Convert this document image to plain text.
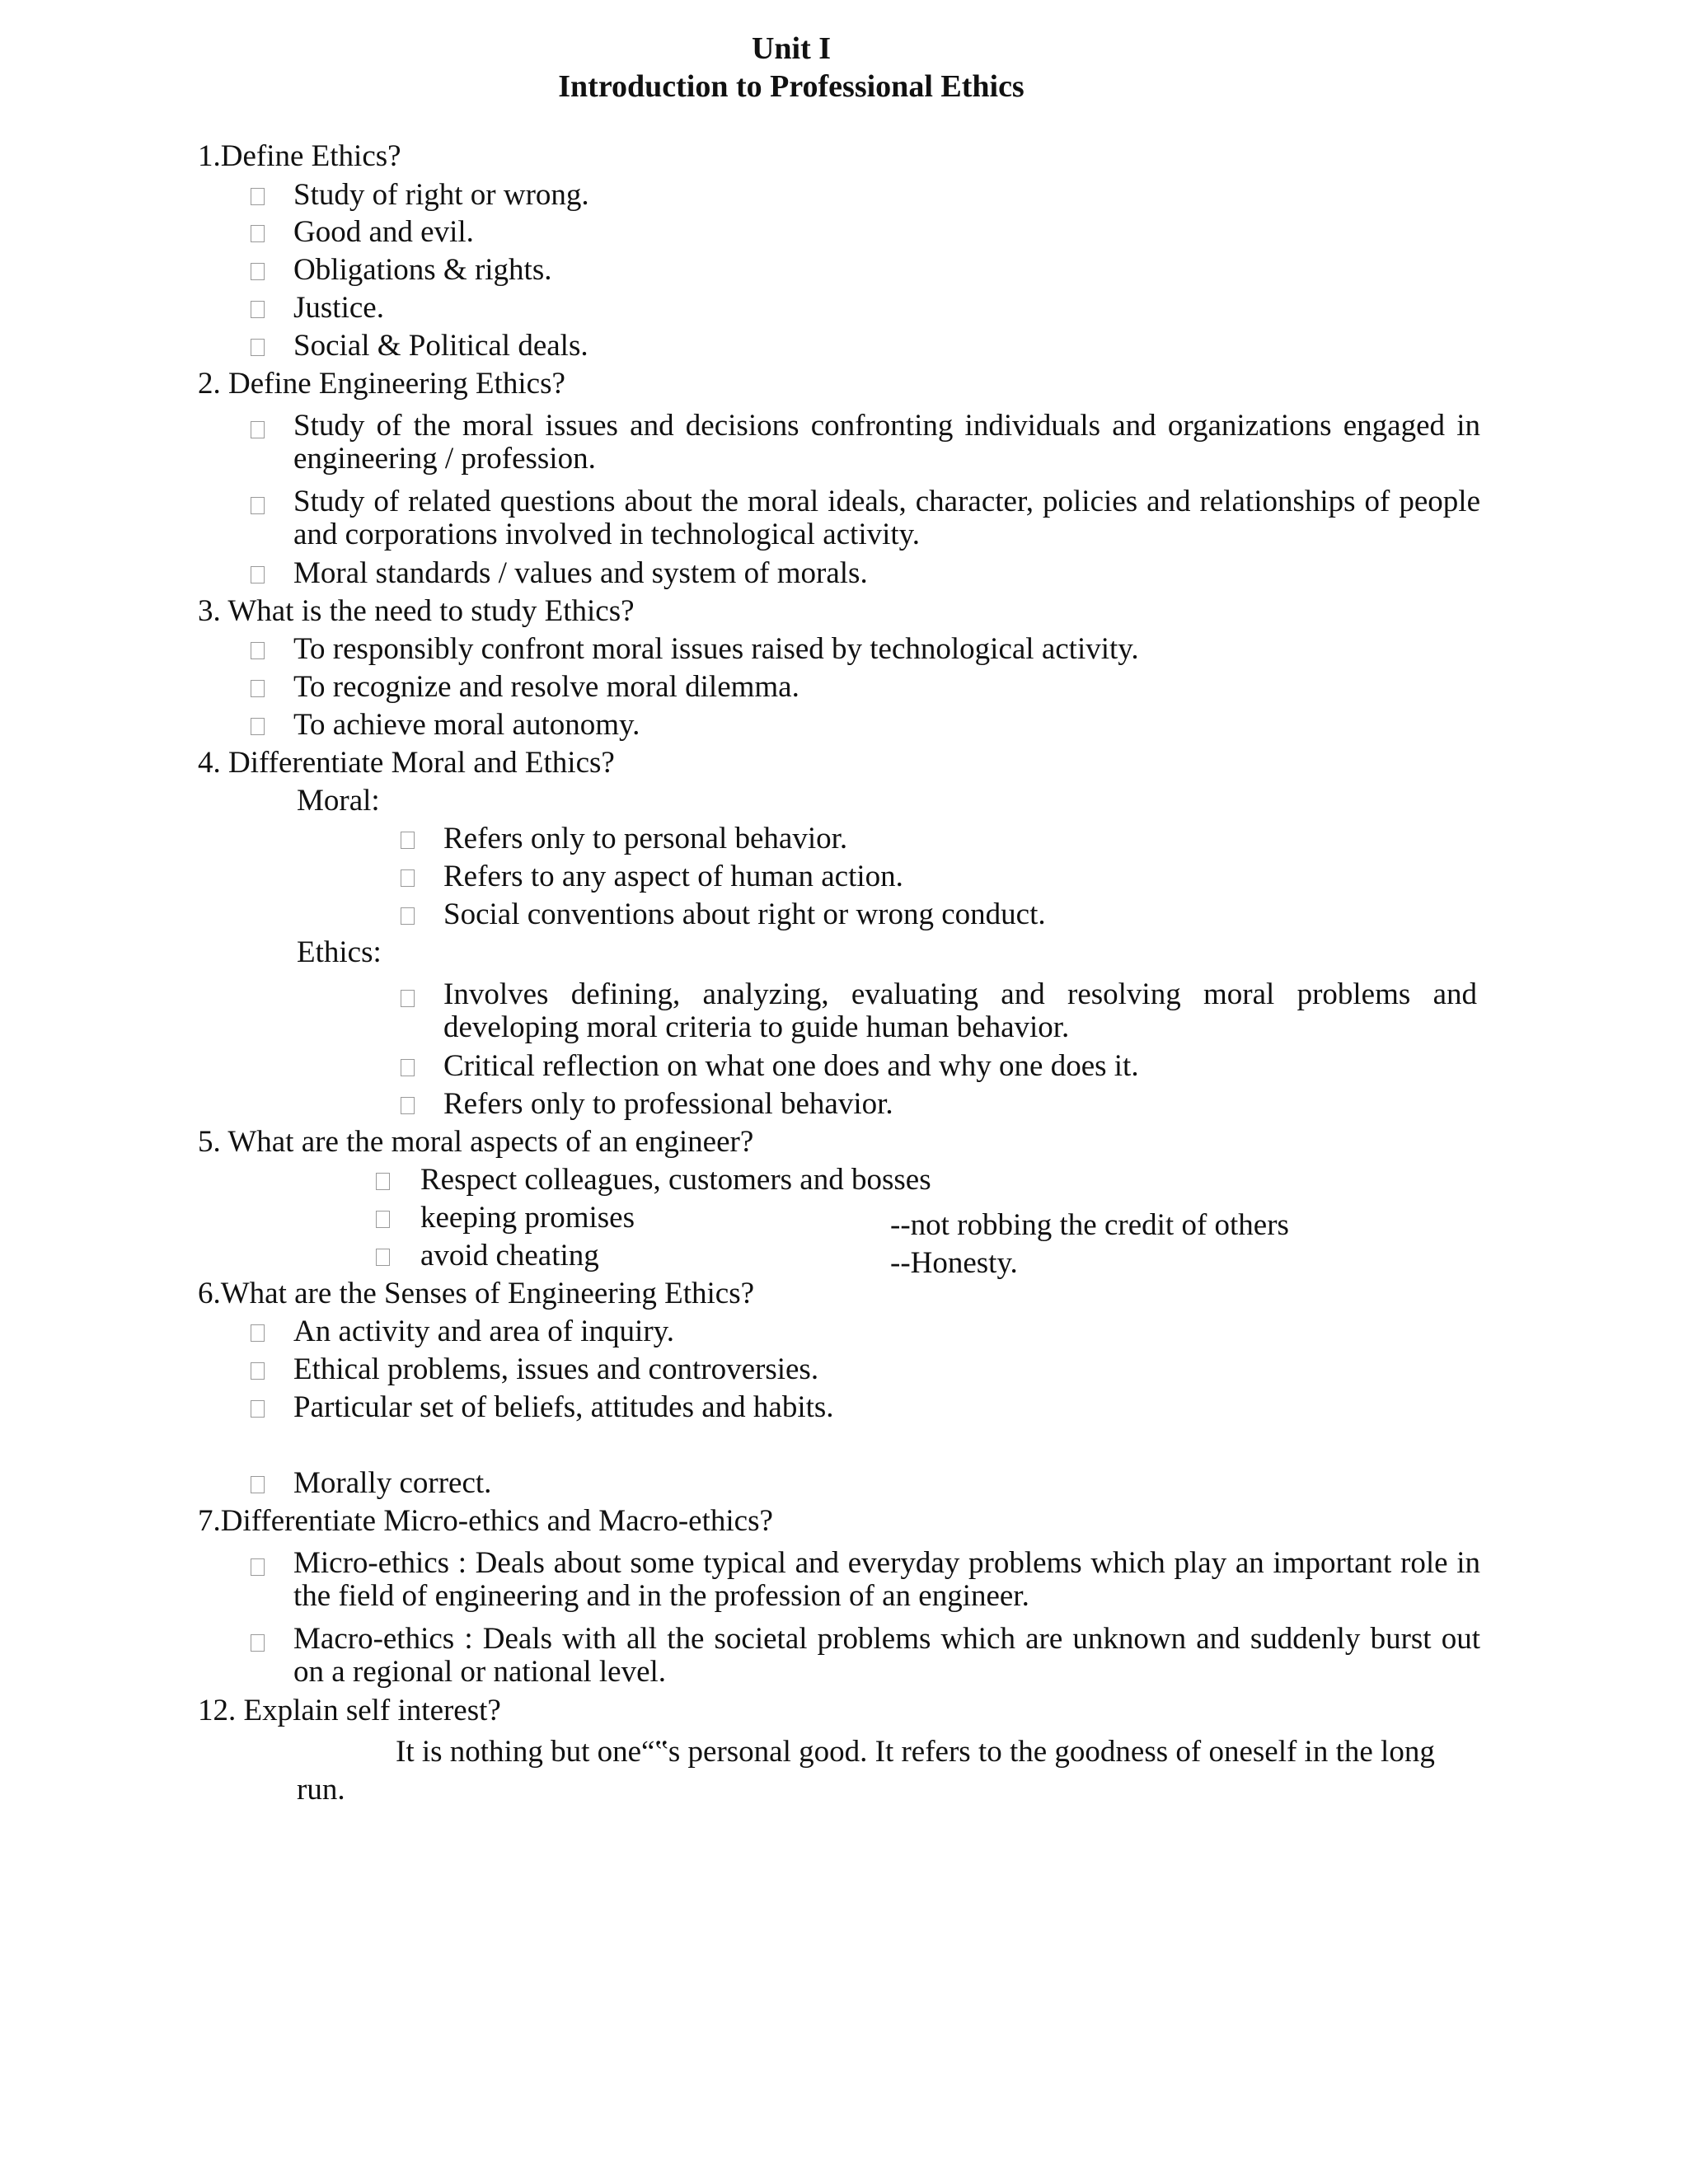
Unit I
Introduction to Professional Ethics
1.Define Ethics?
Study of right or wrong.
Good and evil.
Obligations & rights.
Justice.
Social & Political deals.
2. Define Engineering Ethics?
Study of the moral issues and decisions confronting individuals and organizations engaged in engineering / profession.
Study of related questions about the moral ideals, character, policies and relationships of people and corporations involved in technological activity.
Moral standards / values and system of morals.
3. What is the need to study Ethics?
To responsibly confront moral issues raised by technological activity.
To recognize and resolve moral dilemma.
To achieve moral autonomy.
4. Differentiate Moral and Ethics?
Moral:
Refers only to personal behavior.
Refers to any aspect of human action.
Social conventions about right or wrong conduct.
Ethics:
Involves defining, analyzing, evaluating and resolving moral problems and developing moral criteria to guide human behavior.
Critical reflection on what one does and why one does it.
Refers only to professional behavior.
5. What are the moral aspects of an engineer?
Respect colleagues, customers and bosses
keeping promises
avoid cheating
--not robbing the credit of others
--Honesty.
6.What are the Senses of Engineering Ethics?
An activity and area of inquiry.
Ethical problems, issues and controversies.
Particular set of beliefs, attitudes and habits.
Morally correct.
7.Differentiate Micro-ethics and Macro-ethics?
Micro-ethics : Deals about some typical and everyday problems which play an important role in the field of engineering and in the profession of an engineer.
Macro-ethics : Deals with all the societal problems which are unknown and suddenly burst out on a regional or national level.
12. Explain self interest?
It is nothing but one“‟s personal good. It refers to the goodness of oneself in the long run.
